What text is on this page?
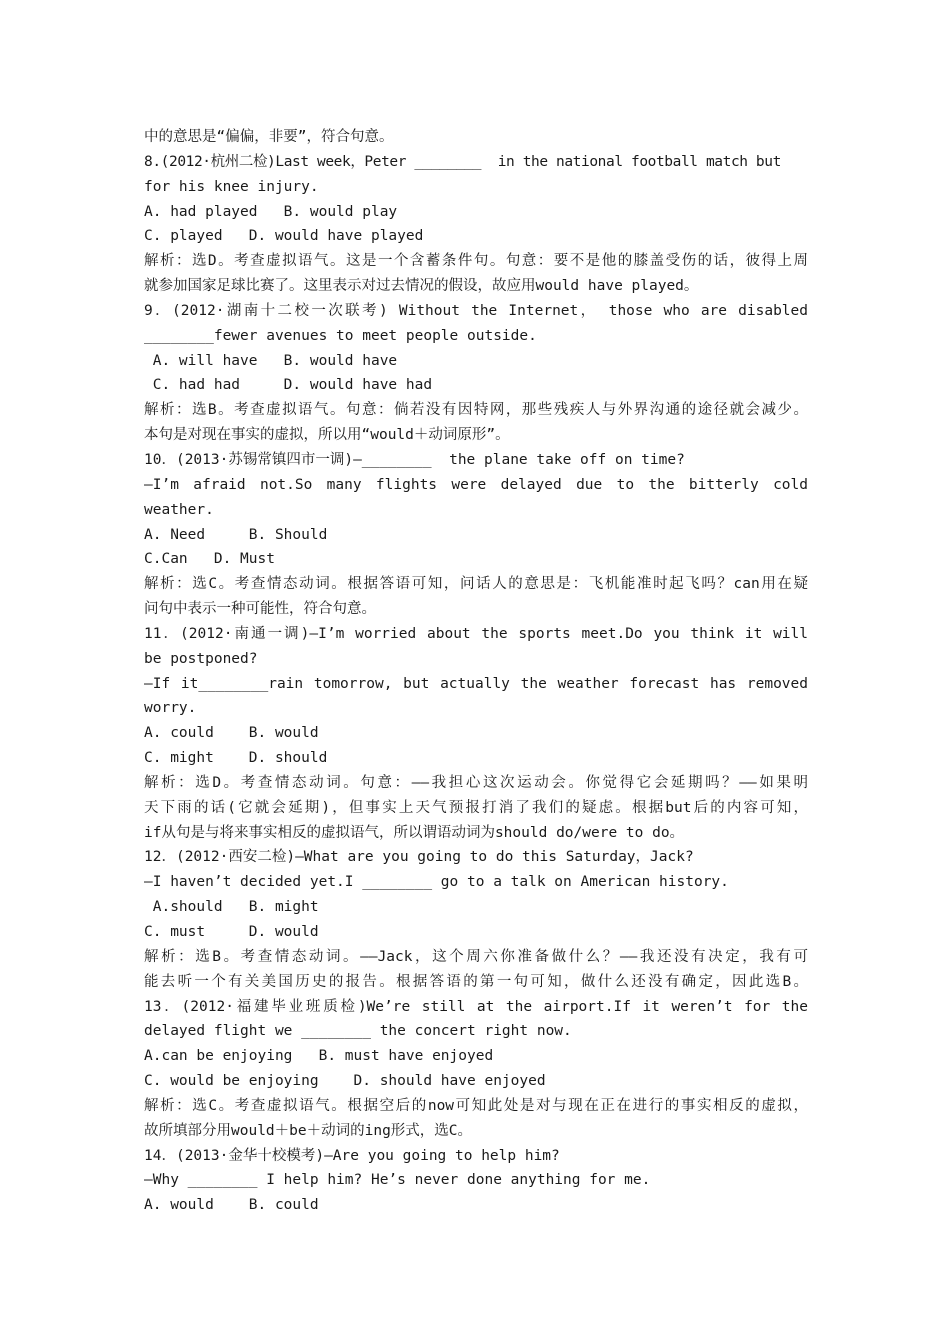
中的意思是“偏偏，非要”，符合句意。
8.(2012·杭州二检)Last week，Peter ________  in the national football match but
for his knee injury.
A. had played   B. would play
C. played   D. would have played
解析：选D。考查虚拟语气。这是一个含蓄条件句。句意：要不是他的膝盖受伤的话，彼得上周
就参加国家足球比赛了。这里表示对过去情况的假设，故应用would have played。
9．(2012·湖南十二校一次联考) Without the Internet， those who are disabled
________fewer avenues to meet people outside.
A. will have   B. would have
C. had had     D. would have had
解析：选B。考查虚拟语气。句意：倘若没有因特网，那些残疾人与外界沟通的途径就会减少。
本句是对现在事实的虚拟，所以用“would＋动词原形”。
10．(2013·苏锡常镇四市一调)—________  the plane take off on time?
—I’m afraid not.So many flights were delayed due to the bitterly cold
weather.
A. Need     B. Should
C.Can   D. Must
解析：选C。考查情态动词。根据答语可知，问话人的意思是：飞机能准时起飞吗？can用在疑
问句中表示一种可能性，符合句意。
11．(2012·南通一调)—I’m worried about the sports meet.Do you think it will
be postponed?
—If it________rain tomorrow, but actually the weather forecast has removed
worry.
A. could    B. would
C. might    D. should
解析：选D。考查情态动词。句意：——我担心这次运动会。你觉得它会延期吗？——如果明
天下雨的话(它就会延期)，但事实上天气预报打消了我们的疑虑。根据but后的内容可知，
if从句是与将来事实相反的虚拟语气，所以谓语动词为should do/were to do。
12．(2012·西安二检)—What are you going to do this Saturday，Jack?
—I haven’t decided yet.I ________ go to a talk on American history.
A.should   B. might
C. must     D. would
解析：选B。考查情态动词。——Jack，这个周六你准备做什么？——我还没有决定，我有可
能去听一个有关美国历史的报告。根据答语的第一句可知，做什么还没有确定，因此选B。
13．(2012·福建毕业班质检)We’re still at the airport.If it weren’t for the
delayed flight we ________ the concert right now.
A.can be enjoying   B. must have enjoyed
C. would be enjoying    D. should have enjoyed
解析：选C。考查虚拟语气。根据空后的now可知此处是对与现在正在进行的事实相反的虚拟，
故所填部分用would＋be＋动词的ing形式，选C。
14．(2013·金华十校模考)—Are you going to help him?
—Why ________ I help him? He’s never done anything for me.
A. would    B. could
